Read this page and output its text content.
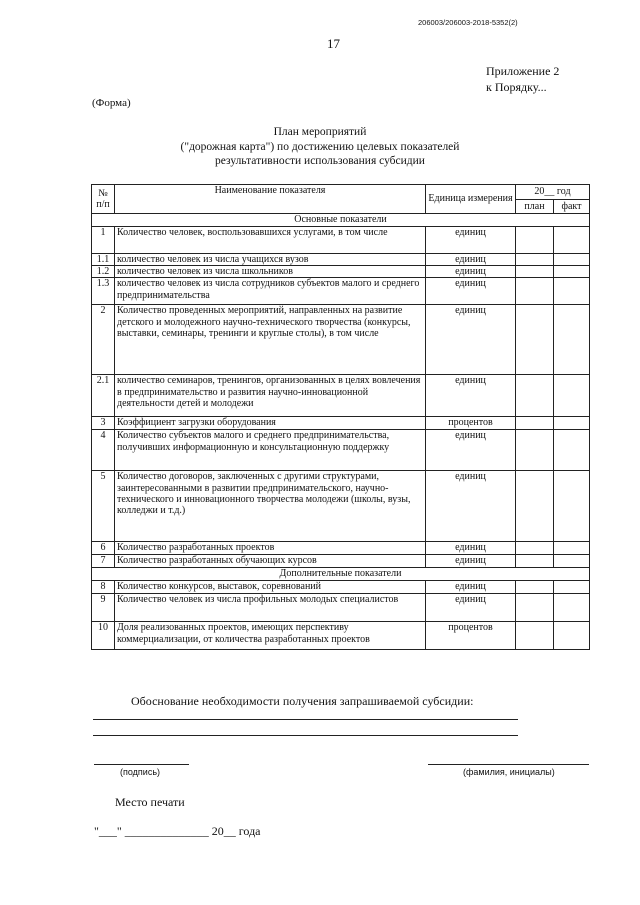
206003/206003-2018-5352(2)
17
Приложение 2
к Порядку...
(Форма)
План мероприятий
("дорожная карта") по достижению целевых показателей
результативности использования субсидии
№ п/п	Наименование показателя	Единица измерения	20__ год	
			план	факт
Основные показатели				
1	Количество человек, воспользовавшихся услугами, в том числе	единиц		
1.1	количество человек из числа учащихся вузов	единиц		
1.2	количество человек из числа школьников	единиц		
1.3	количество человек из числа сотрудников субъектов малого и среднего предпринимательства	единиц		
2	Количество проведенных мероприятий, направленных на развитие детского и молодежного научно-технического творчества (конкурсы, выставки, семинары, тренинги и круглые столы), в том числе	единиц		
2.1	количество семинаров, тренингов, организованных в целях вовлечения в предпринимательство и развития научно-инновационной деятельности детей и молодежи	единиц		
3	Коэффициент загрузки оборудования	процентов		
4	Количество субъектов малого и среднего предпринимательства, получивших информационную и консультационную поддержку	единиц		
5	Количество договоров, заключенных с другими структурами, заинтересованными в развитии предпринимательского, научно-технического и инновационного творчества молодежи (школы, вузы, колледжи и т.д.)	единиц		
6	Количество разработанных проектов	единиц		
7	Количество разработанных обучающих курсов	единиц		
Дополнительные показатели				
8	Количество конкурсов, выставок, соревнований	единиц		
9	Количество человек из числа профильных молодых специалистов	единиц		
10	Доля реализованных проектов, имеющих перспективу коммерциализации, от количества разработанных проектов	процентов		
Обоснование необходимости получения запрашиваемой субсидии:
(подпись)	(фамилия, инициалы)
Место печати
"___" ______________ 20__ года
